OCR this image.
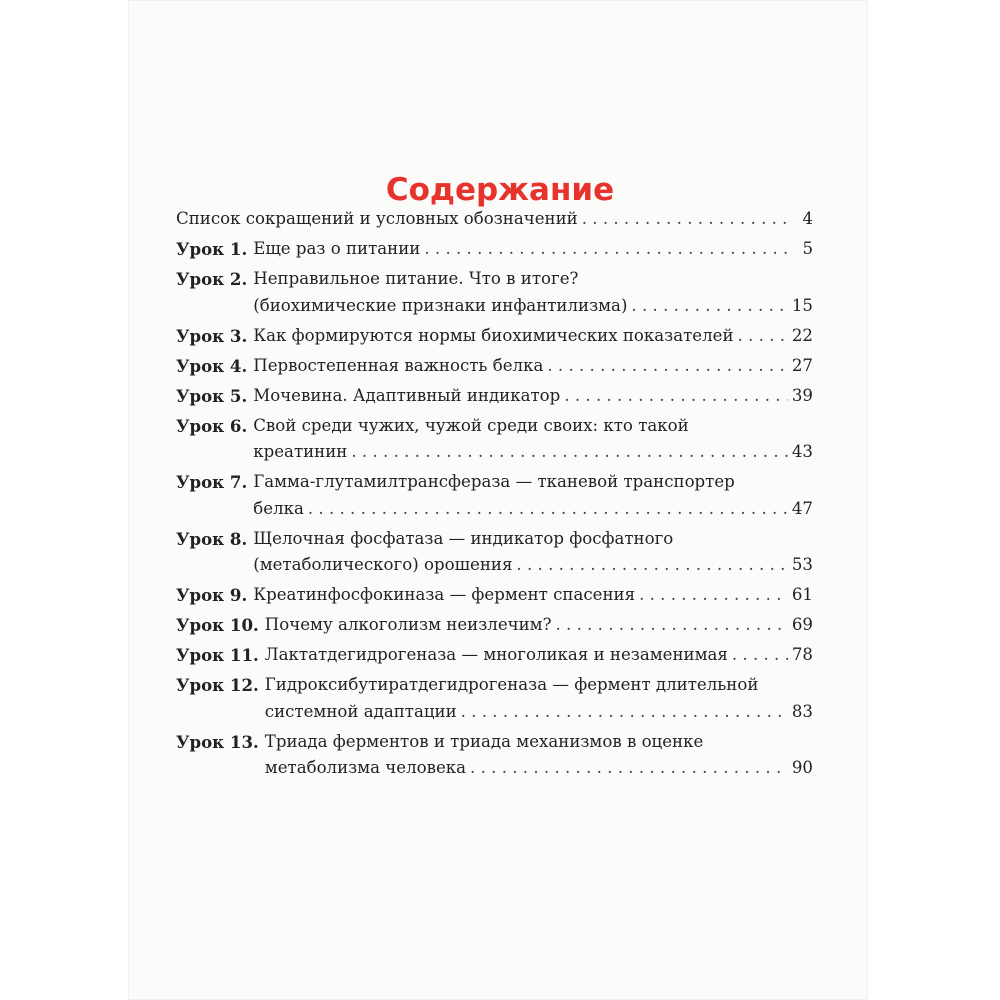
Содержание
Список сокращений и условных обозначений . . .	4
Урок 1. Еще раз о питании . . .	5
Урок 2. Неправильное питание. Что в итоге?
(биохимические признаки инфантилизма) . . .	15
Урок 3. Как формируются нормы биохимических показателей . . .	22
Урок 4. Первостепенная важность белка . . .	27
Урок 5. Мочевина. Адаптивный индикатор . . .	39
Урок 6. Свой среди чужих, чужой среди своих: кто такой
креатинин . . .	43
Урок 7. Гамма-глутамилтрансфераза — тканевой транспортер
белка . . .	47
Урок 8. Щелочная фосфатаза — индикатор фосфатного
(метаболического) орошения . . .	53
Урок 9. Креатинфосфокиназа — фермент спасения . . .	61
Урок 10. Почему алкоголизм неизлечим? . . .	69
Урок 11. Лактатдегидрогеназа — многоликая и незаменимая . . .	78
Урок 12. Гидроксибутиратдегидрогеназа — фермент длительной
системной адаптации . . .	83
Урок 13. Триада ферментов и триада механизмов в оценке
метаболизма человека . . .	90
